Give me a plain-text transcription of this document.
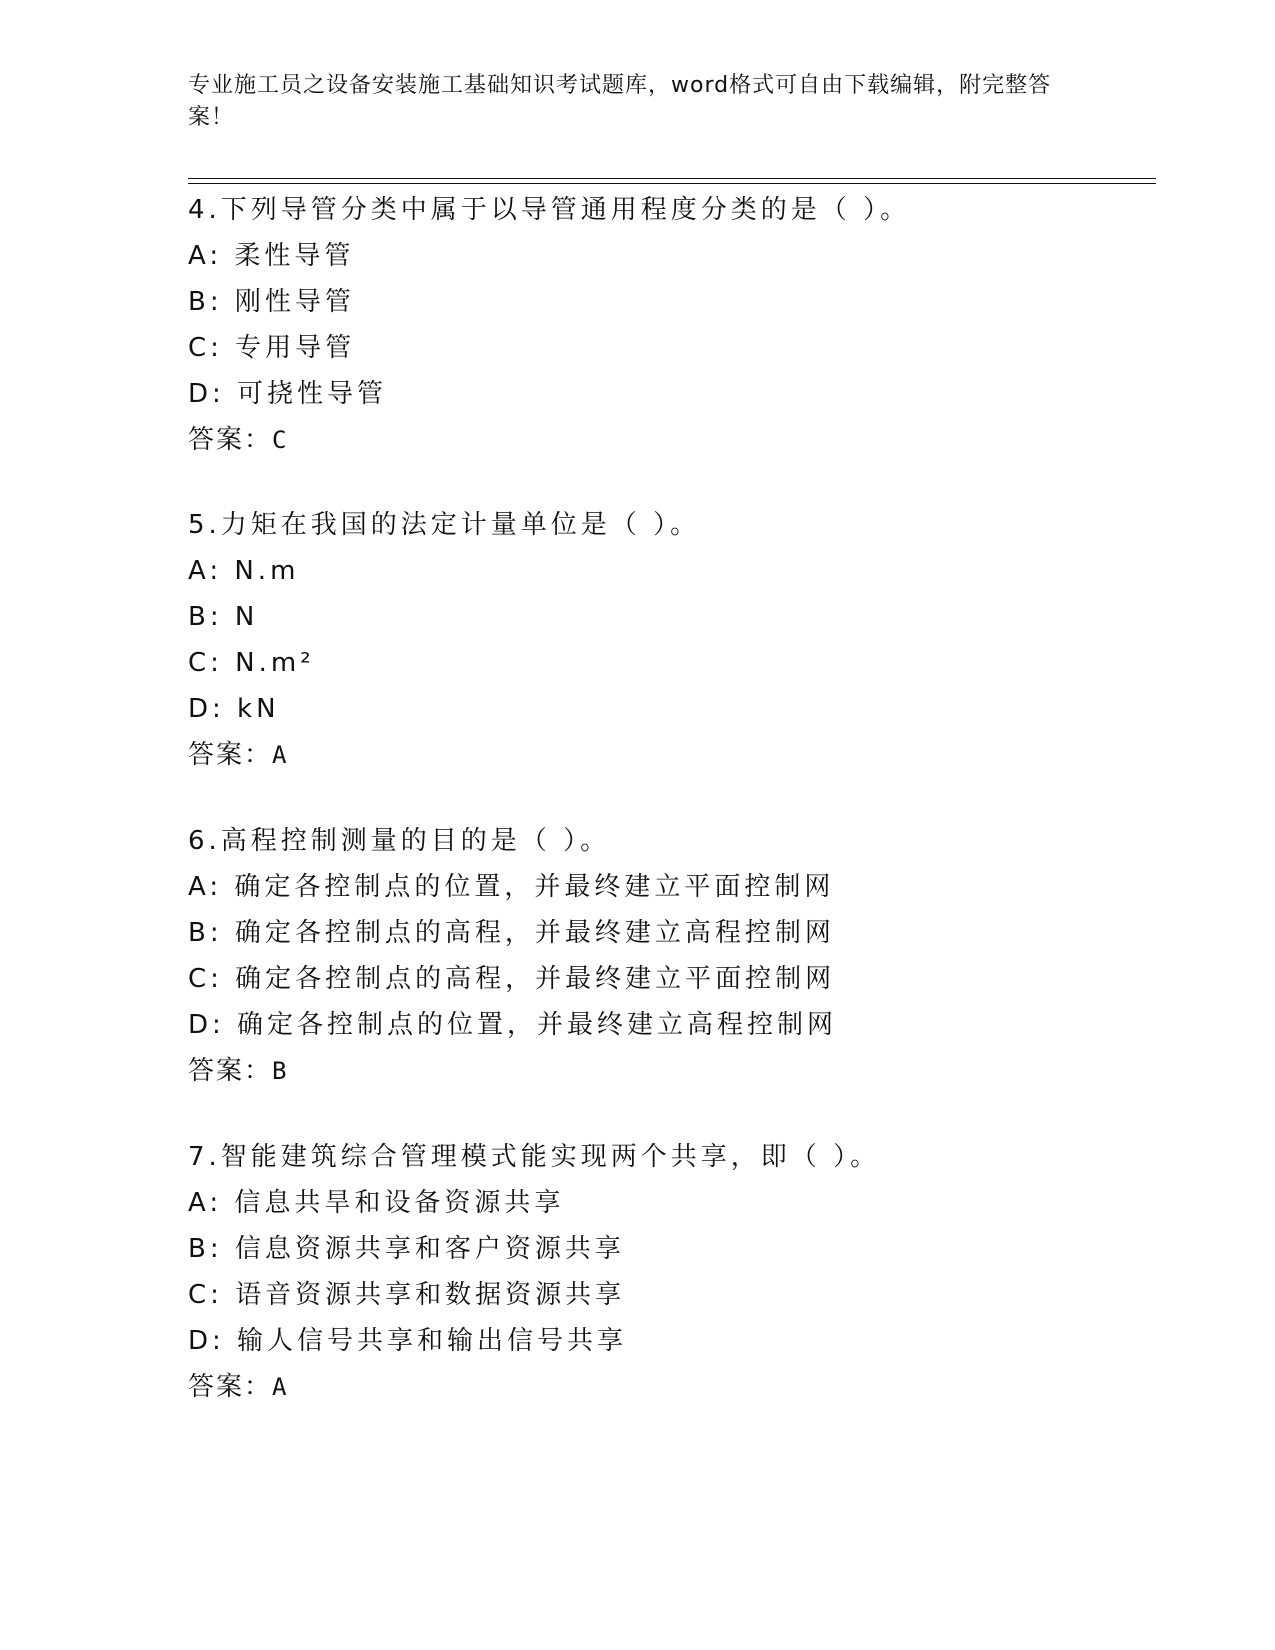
专业施工员之设备安装施工基础知识考试题库，word格式可自由下载编辑，附完整答案！
4.下列导管分类中属于以导管通用程度分类的是（ ）。
A: 柔性导管
B: 刚性导管
C: 专用导管
D: 可挠性导管
答案：C
5.力矩在我国的法定计量单位是（ ）。
A: N.m
B: N
C: N.m²
D: kN
答案：A
6.高程控制测量的目的是（ ）。
A: 确定各控制点的位置，并最终建立平面控制网
B: 确定各控制点的高程，并最终建立高程控制网
C: 确定各控制点的高程，并最终建立平面控制网
D: 确定各控制点的位置，并最终建立高程控制网
答案：B
7.智能建筑综合管理模式能实现两个共享，即（ ）。
A: 信息共旱和设备资源共享
B: 信息资源共享和客户资源共享
C: 语音资源共享和数据资源共享
D: 输人信号共享和输出信号共享
答案：A
